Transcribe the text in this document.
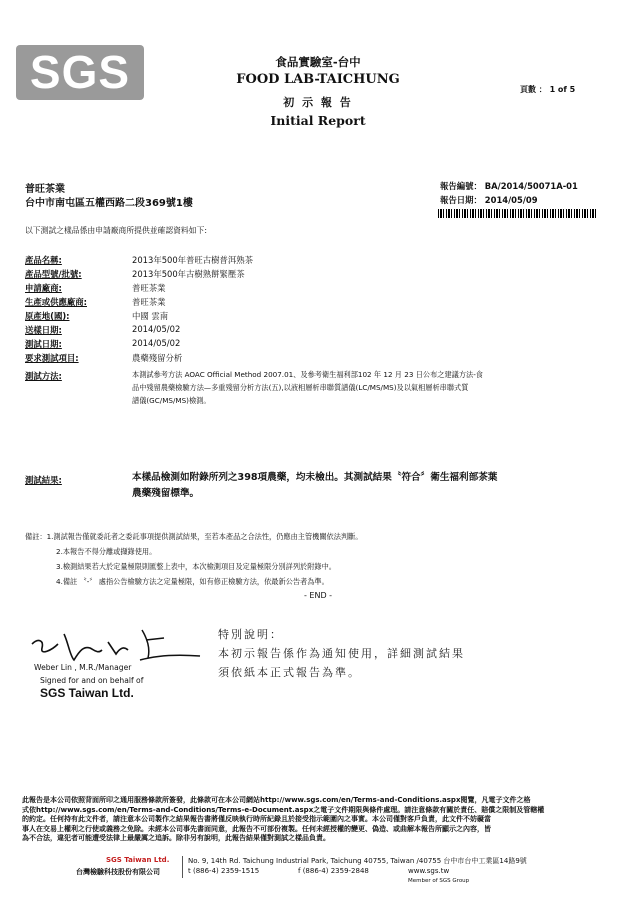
SGS	食品實驗室-台中
FOOD LAB-TAICHUNG
初 示 報 告
Initial Report
頁數 ： 1 of 5
普旺茶業
台中市南屯區五權西路二段369號1樓
報告編號： BA/2014/50071A-01
報告日期： 2014/05/09
以下測試之樣品係由申請廠商所提供並確認資料如下:
產品名稱:	2013年500年普旺古樹普洱熟茶
產品型號/批號:	2013年500年古樹熟餅緊壓茶
申請廠商:	普旺茶業
生產或供應廠商:	普旺茶業
原產地(國):	中國 雲南
送樣日期:	2014/05/02
測試日期:	2014/05/02
要求測試項目:	農藥殘留分析
測試方法:	本測試參考方法 AOAC Official Method 2007.01、及參考衛生福利部102 年 12 月 23 日公布之建議方法-食
品中殘留農藥檢驗方法—多重殘留分析方法(五),以液相層析串聯質譜儀(LC/MS/MS)及以氣相層析串聯式質
譜儀(GC/MS/MS)檢測。
測試結果:	本樣品檢測如附錄所列之398項農藥，均未檢出。其測試結果〝符合〞衛生福利部茶葉
農藥殘留標準。
備註：1.測試報告僅就委託者之委託事項提供測試結果，至若本產品之合法性，仍應由主管機關依法判斷。
2.本報告不得分離或擷錄使用。
3.檢測結果若大於定量極限則匯整上表中，本次檢測項目及定量極限分別詳列於附錄中。
4.備註 〝-〞 處指公告檢驗方法之定量極限，如有修正檢驗方法，依最新公告者為準。
- END -
Weber Lin , M.R./Manager
Signed for and on behalf of
SGS Taiwan Ltd.
特別說明：
本初示報告係作為通知使用，詳細測試結果
須依紙本正式報告為準。
此報告是本公司依照背面所印之通用服務條款所簽發，此條款可在本公司網站http://www.sgs.com/en/Terms-and-Conditions.aspx閱覽，凡電子文件之格
式依http://www.sgs.com/en/Terms-and-Conditions/Terms-e-Document.aspx之電子文件期限與條件處理。請注意條款有關於責任、賠償之限制及管轄權
的約定。任何持有此文件者，請注意本公司製作之結果報告書將僅反映執行時所紀錄且於接受指示範圍內之事實。本公司僅對客戶負責，此文件不妨礙當
事人在交易上權利之行使或義務之免除。未經本公司事先書面同意，此報告不可部份複製。任何未經授權的變更、偽造、或曲解本報告所顯示之內容，皆
為不合法，違犯者可能遭受法律上最嚴厲之追訴。除非另有說明，此報告結果僅對測試之樣品負責。
SGS Taiwan Ltd.
台灣檢驗科技股份有限公司
No. 9, 14th Rd. Taichung Industrial Park, Taichung 40755, Taiwan /40755 台中市台中工業區14路9號
t (886-4) 2359-1515	f (886-4) 2359-2848	www.sgs.tw
Member of SGS Group
